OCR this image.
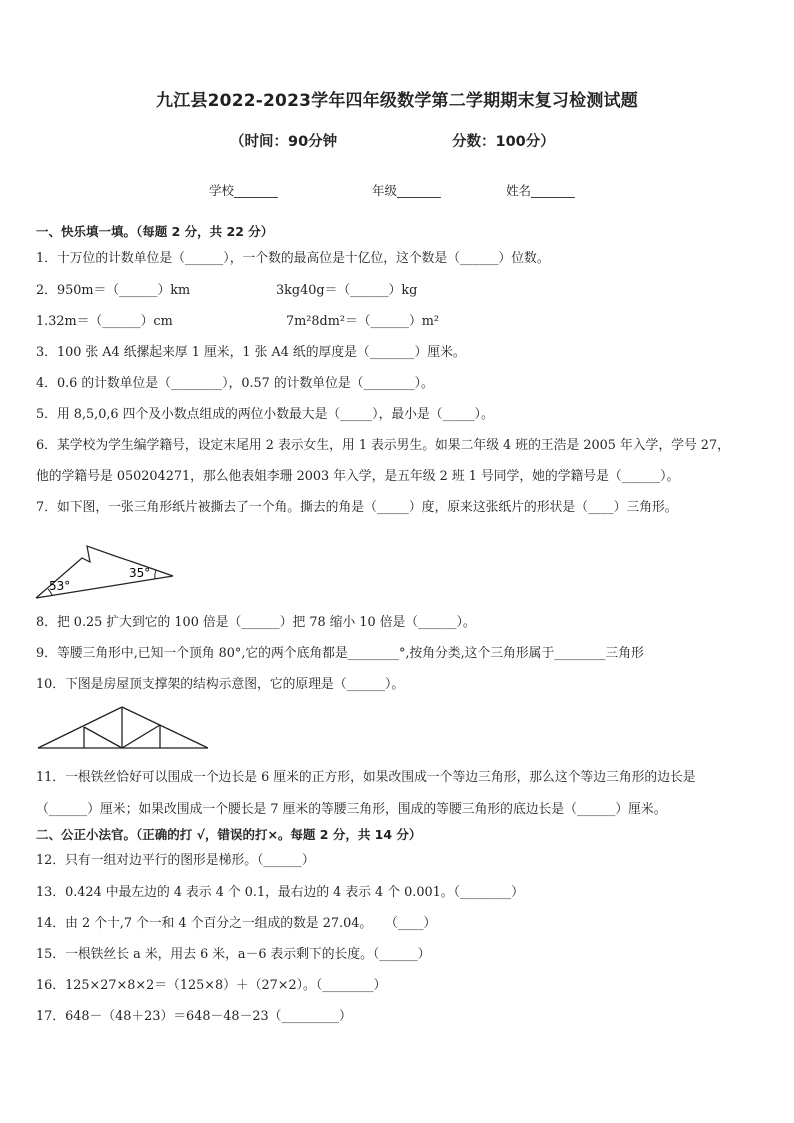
九江县2022-2023学年四年级数学第二学期期末复习检测试题
（时间：90分钟	分数：100分）
学校_______	年级_______	姓名_______
一、快乐填一填。（每题 2 分，共 22 分）
1．十万位的计数单位是（______），一个数的最高位是十亿位，这个数是（______）位数。
2．950m＝（______）km	3kg40g＝（______）kg
1.32m＝（______）cm	7m²8dm²＝（______）m²
3．100 张 A4 纸摞起来厚 1 厘米，1 张 A4 纸的厚度是（_______）厘米。
4．0.6 的计数单位是（________），0.57 的计数单位是（________）。
5．用 8,5,0,6 四个及小数点组成的两位小数最大是（_____），最小是（_____）。
6．某学校为学生编学籍号，设定末尾用 2 表示女生，用 1 表示男生。如果二年级 4 班的王浩是 2005 年入学，学号 27，
他的学籍号是 050204271，那么他表姐李珊 2003 年入学，是五年级 2 班 1 号同学，她的学籍号是（______）。
7．如下图，一张三角形纸片被撕去了一个角。撕去的角是（_____）度，原来这张纸片的形状是（____）三角形。
53°
35°
8．把 0.25 扩大到它的 100 倍是（______）把 78 缩小 10 倍是（______）。
9．等腰三角形中,已知一个顶角 80°,它的两个底角都是________°,按角分类,这个三角形属于________三角形
10．下图是房屋顶支撑架的结构示意图，它的原理是（______）。
11．一根铁丝恰好可以围成一个边长是 6 厘米的正方形，如果改围成一个等边三角形，那么这个等边三角形的边长是
（______）厘米；如果改围成一个腰长是 7 厘米的等腰三角形，围成的等腰三角形的底边长是（______）厘米。
二、公正小法官。（正确的打 √，错误的打×。每题 2 分，共 14 分）
12．只有一组对边平行的图形是梯形。（______）
13．0.424 中最左边的 4 表示 4 个 0.1，最右边的 4 表示 4 个 0.001。（________）
14．由 2 个十,7 个一和 4 个百分之一组成的数是 27.04。　　（____）
15．一根铁丝长 a 米，用去 6 米，a－6 表示剩下的长度。（______）
16．125×27×8×2＝（125×8）＋（27×2）。（________）
17．648－（48＋23）＝648－48－23（_________）
